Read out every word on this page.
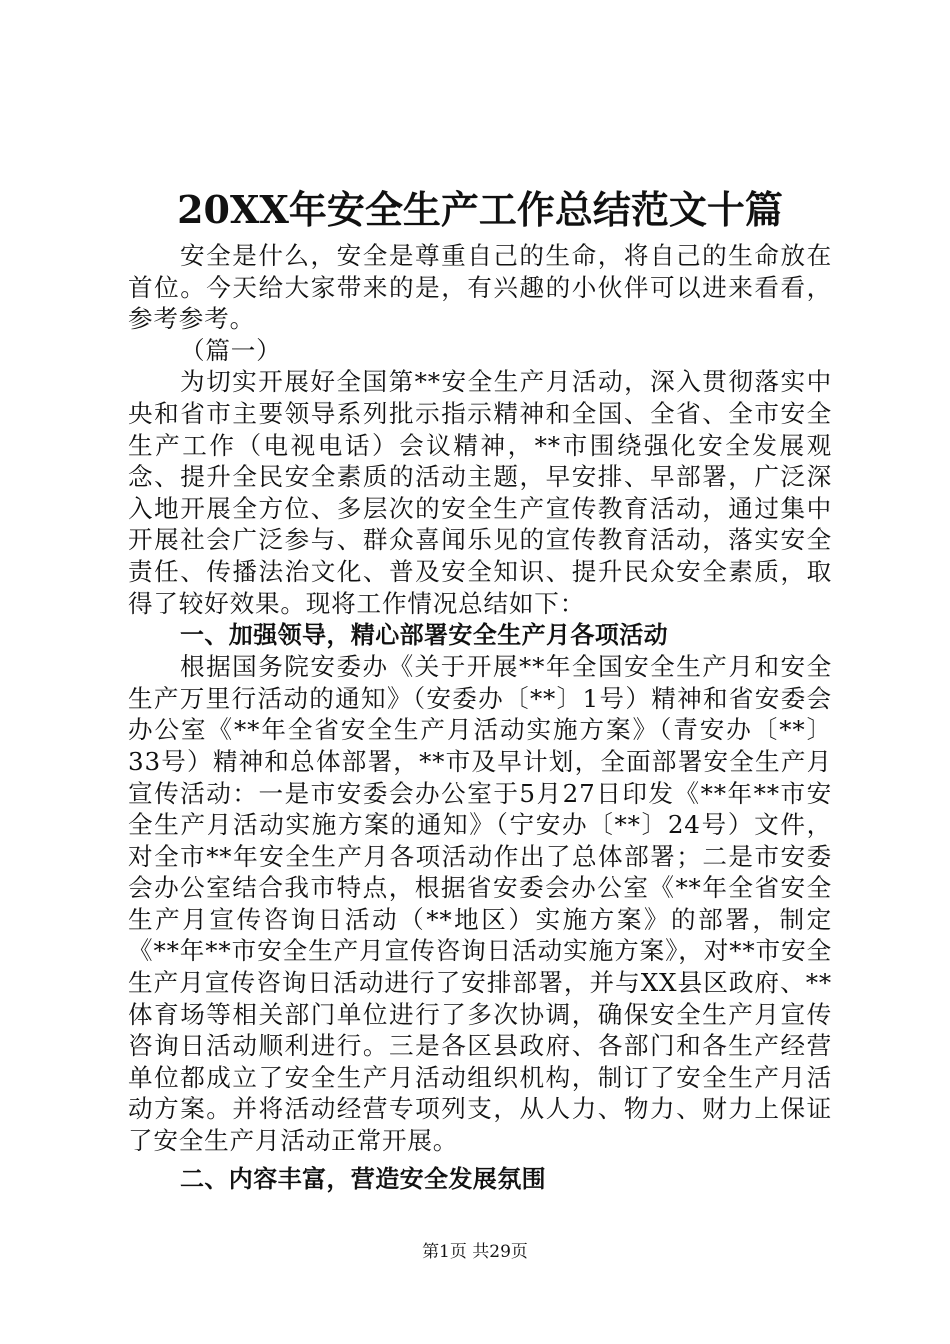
20XX年安全生产工作总结范文十篇

安全是什么，安全是尊重自己的生命，将自己的生命放在首位。今天给大家带来的是，有兴趣的小伙伴可以进来看看，参考参考。

（篇一）

为切实开展好全国第**安全生产月活动，深入贯彻落实中央和省市主要领导系列批示指示精神和全国、全省、全市安全生产工作（电视电话）会议精神，**市围绕强化安全发展观念、提升全民安全素质的活动主题，早安排、早部署，广泛深入地开展全方位、多层次的安全生产宣传教育活动，通过集中开展社会广泛参与、群众喜闻乐见的宣传教育活动，落实安全责任、传播法治文化、普及安全知识、提升民众安全素质，取得了较好效果。现将工作情况总结如下：

一、加强领导，精心部署安全生产月各项活动

根据国务院安委办《关于开展**年全国安全生产月和安全生产万里行活动的通知》（安委办〔**〕1号）精神和省安委会办公室《**年全省安全生产月活动实施方案》（青安办〔**〕33号）精神和总体部署，**市及早计划，全面部署安全生产月宣传活动：一是市安委会办公室于5月27日印发《**年**市安全生产月活动实施方案的通知》（宁安办〔**〕24号）文件，对全市**年安全生产月各项活动作出了总体部署；二是市安委会办公室结合我市特点，根据省安委会办公室《**年全省安全生产月宣传咨询日活动（**地区）实施方案》的部署，制定《**年**市安全生产月宣传咨询日活动实施方案》，对**市安全生产月宣传咨询日活动进行了安排部署，并与XX县区政府、**体育场等相关部门单位进行了多次协调，确保安全生产月宣传咨询日活动顺利进行。三是各区县政府、各部门和各生产经营单位都成立了安全生产月活动组织机构，制订了安全生产月活动方案。并将活动经营专项列支，从人力、物力、财力上保证了安全生产月活动正常开展。

二、内容丰富，营造安全发展氛围

第1页 共29页
